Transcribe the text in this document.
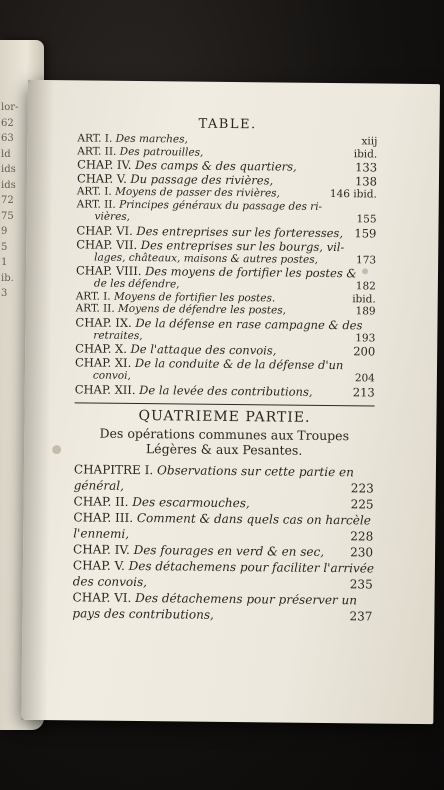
lor-
62
63
ld
ids
ids
72
75
9
5
1
ib.
3
TABLE.
ART. I. Des marches,	xiij
ART. II. Des patrouilles,	ibid.
CHAP. IV. Des camps & des quartiers,	133
CHAP. V. Du passage des rivières,	138
ART. I. Moyens de passer des rivières,	146 ibid.
ART. II. Principes généraux du passage des ri-
vières,	155
CHAP. VI. Des entreprises sur les forteresses, 159
CHAP. VII. Des entreprises sur les bourgs, vil-
lages, châteaux, maisons & autres postes,	173
CHAP. VIII. Des moyens de fortifier les postes &
de les défendre,	182
ART. I. Moyens de fortifier les postes.	ibid.
ART. II. Moyens de défendre les postes,	189
CHAP. IX. De la défense en rase campagne & des
retraites,	193
CHAP. X. De l'attaque des convois,	200
CHAP. XI. De la conduite & de la défense d'un
convoi,	204
CHAP. XII. De la levée des contributions,	213
QUATRIEME PARTIE.
Des opérations communes aux Troupes
Légères & aux Pesantes.
CHAPITRE I. Observations sur cette partie en
général,	223
CHAP. II. Des escarmouches,	225
CHAP. III. Comment & dans quels cas on harcèle
l'ennemi,	228
CHAP. IV. Des fourages en verd & en sec,	230
CHAP. V. Des détachemens pour faciliter l'arrivée
des convois,	235
CHAP. VI. Des détachemens pour préserver un
pays des contributions,	237
